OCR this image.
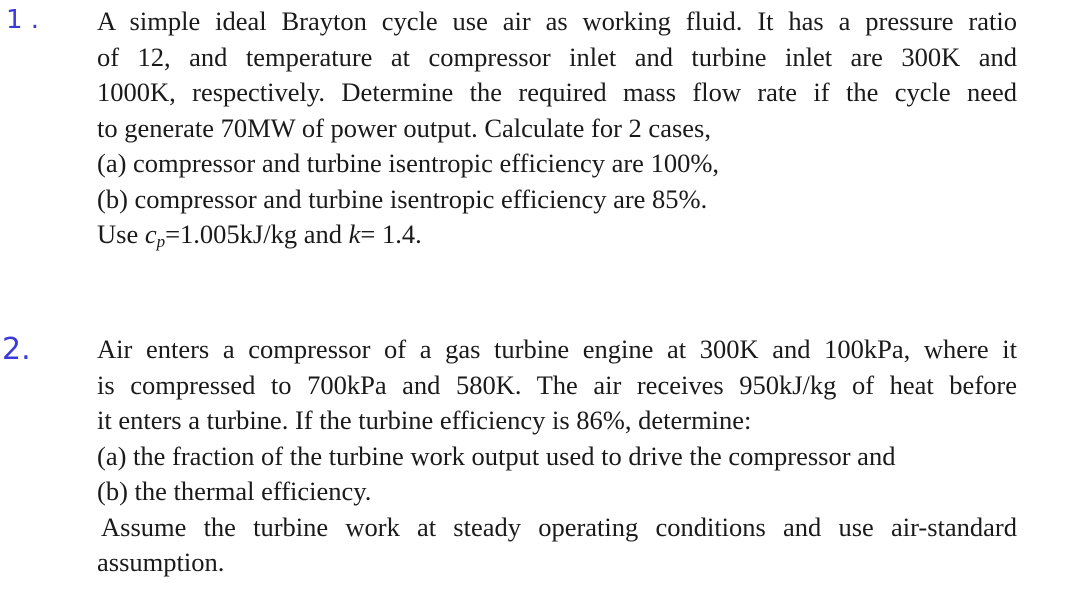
1 . A simple ideal Brayton cycle use air as working fluid. It has a pressure ratio
of 12, and temperature at compressor inlet and turbine inlet are 300K and
1000K, respectively. Determine the required mass flow rate if the cycle need
to generate 70MW of power output. Calculate for 2 cases,
(a) compressor and turbine isentropic efficiency are 100%,
(b) compressor and turbine isentropic efficiency are 85%.
Use $c_p=1.005kJ/kg$ and k= 1.4.
2.	Air enters a compressor of a gas turbine engine at 300K and 100kPa, where it
is compressed to 700kPa and 580K. The air receives 950kJ/kg of heat before
it enters a turbine. If the turbine efficiency is 86%, determine:
(a) the fraction of the turbine work output used to drive the compressor and
(b) the thermal efficiency.
Assume the turbine work at steady operating conditions and use air-standard
assumption.
